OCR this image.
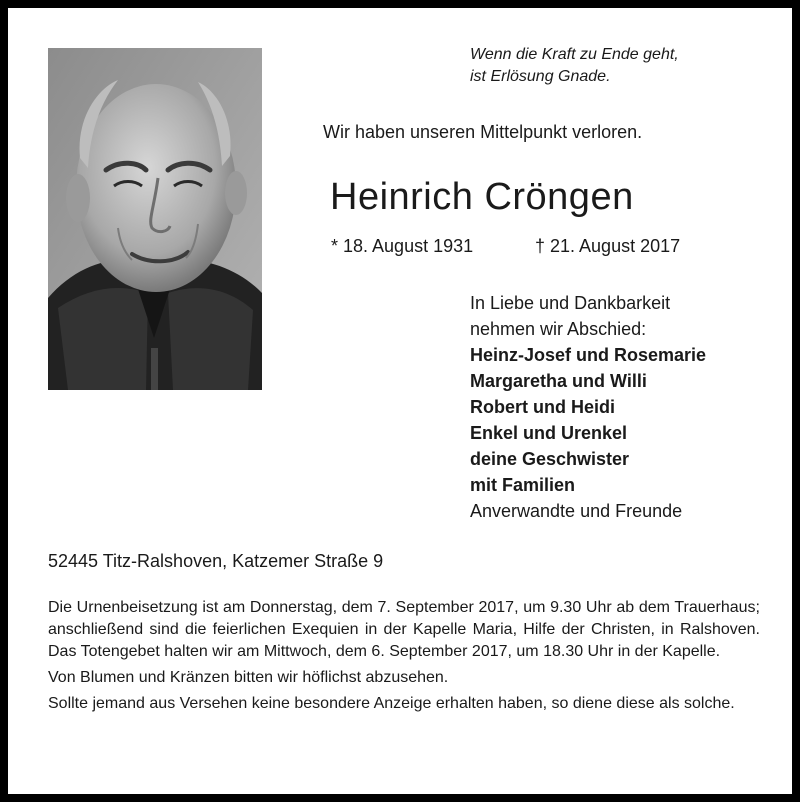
Wenn die Kraft zu Ende geht,
ist Erlösung Gnade.
Wir haben unseren Mittelpunkt verloren.
Heinrich Cröngen
* 18. August 1931	† 21. August 2017
In Liebe und Dankbarkeit
nehmen wir Abschied:
Heinz-Josef und Rosemarie
Margaretha und Willi
Robert und Heidi
Enkel und Urenkel
deine Geschwister
mit Familien
Anverwandte und Freunde
52445 Titz-Ralshoven, Katzemer Straße 9

Die Urnenbeisetzung ist am Donnerstag, dem 7. September 2017, um 9.30 Uhr ab dem Trauerhaus; anschließend sind die feierlichen Exequien in der Kapelle Maria, Hilfe der Christen, in Ralshoven. Das Totengebet halten wir am Mittwoch, dem 6. September 2017, um 18.30 Uhr in der Kapelle.

Von Blumen und Kränzen bitten wir höflichst abzusehen.

Sollte jemand aus Versehen keine besondere Anzeige erhalten haben, so diene diese als solche.
